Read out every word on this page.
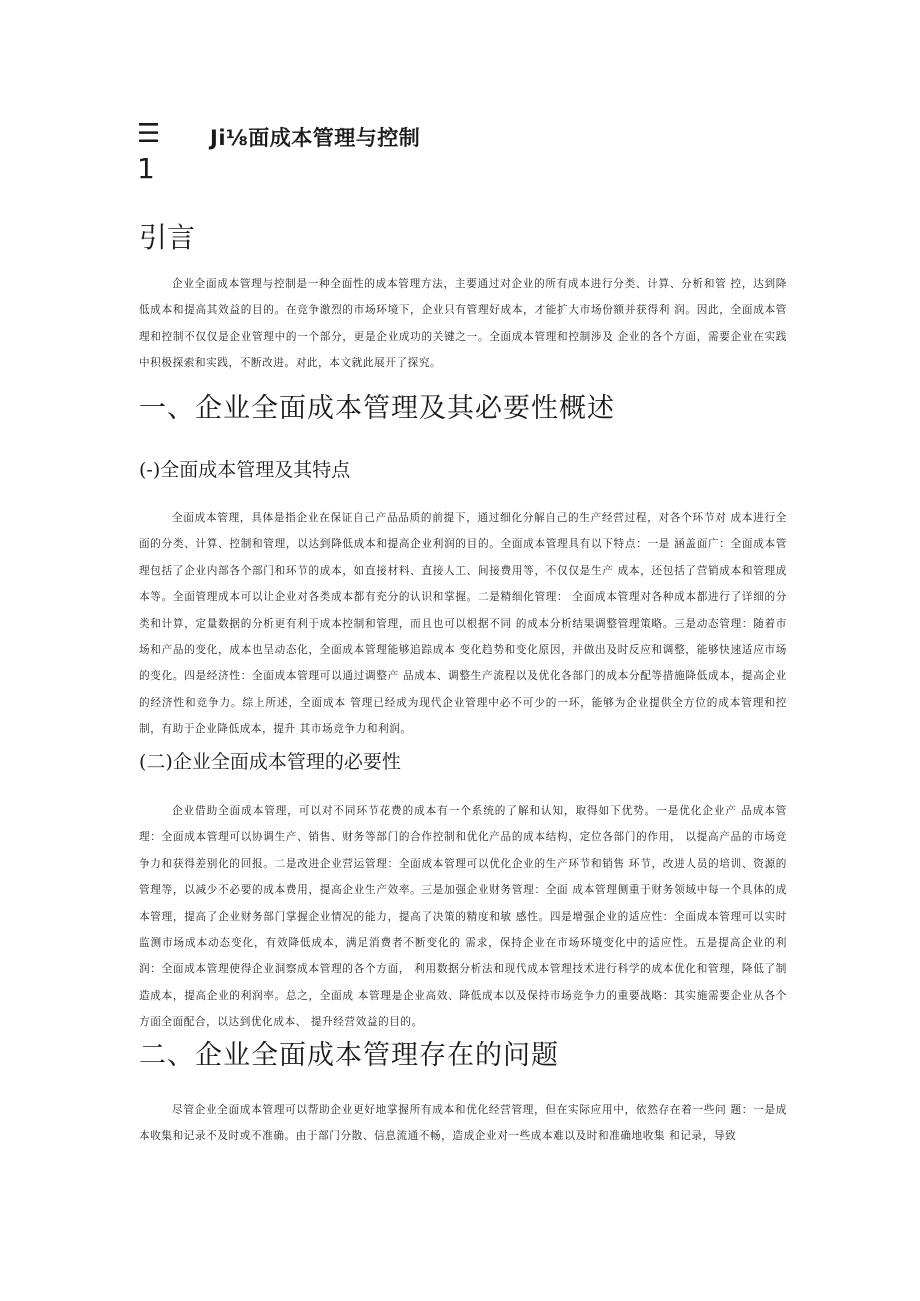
☰
1
Ji⅛面成本管理与控制
引言

企业全面成本管理与控制是一种全面性的成本管理方法，主要通过对企业的所有成本进行分类、计算、分析和管 控，达到降低成本和提高其效益的目的。在竞争激烈的市场环境下，企业只有管理好成本，才能扩大市场份额并获得利 润。因此，全面成本管理和控制不仅仅是企业管理中的一个部分，更是企业成功的关键之一。全面成本管理和控制涉及 企业的各个方面，需要企业在实践中积极探索和实践，不断改进。对此，本文就此展开了探究。

一、企业全面成本管理及其必要性概述
(-)全面成本管理及其特点

全面成本管理，具体是指企业在保证自己产品品质的前提下，通过细化分解自己的生产经营过程，对各个环节对 成本进行全面的分类、计算、控制和管理，以达到降低成本和提高企业利润的目的。全面成本管理具有以下特点：一是 涵盖面广：全面成本管理包括了企业内部各个部门和环节的成本，如直接材料、直接人工、间接费用等，不仅仅是生产 成本，还包括了营销成本和管理成本等。全面管理成本可以让企业对各类成本都有充分的认识和掌握。二是精细化管理： 全面成本管理对各种成本都进行了详细的分类和计算，定量数据的分析更有利于成本控制和管理，而且也可以根据不同 的成本分析结果调整管理策略。三是动态管理：随着市场和产品的变化，成本也呈动态化，全面成本管理能够追踪成本 变化趋势和变化原因，并做出及时反应和调整，能够快速适应市场的变化。四是经济性：全面成本管理可以通过调整产 品成本、调整生产流程以及优化各部门的成本分配等措施降低成本，提高企业的经济性和竞争力。综上所述，全面成本 管理已经成为现代企业管理中必不可少的一环，能够为企业提供全方位的成本管理和控制，有助于企业降低成本，提升 其市场竞争力和利润。

(二)企业全面成本管理的必要性

企业借助全面成本管理，可以对不同环节花费的成本有一个系统的了解和认知，取得如下优势。一是优化企业产 品成本管理：全面成本管理可以协调生产、销售、财务等部门的合作控制和优化产品的成本结构，定位各部门的作用， 以提高产品的市场竞争力和获得差别化的回报。二是改进企业营运管理：全面成本管理可以优化企业的生产环节和销售 环节，改进人员的培训、资源的管理等，以减少不必要的成本费用，提高企业生产效率。三是加强企业财务管理：全面 成本管理侧重于财务领域中每一个具体的成本管理，提高了企业财务部门掌握企业情况的能力，提高了决策的精度和敏 感性。四是增强企业的适应性：全面成本管理可以实时监测市场成本动态变化，有效降低成本，满足消费者不断变化的 需求，保持企业在市场环境变化中的适应性。五是提高企业的利润：全面成本管理使得企业洞察成本管理的各个方面， 利用数据分析法和现代成本管理技术进行科学的成本优化和管理，降低了制造成本，提高企业的利润率。总之，全面成 本管理是企业高效、降低成本以及保持市场竞争力的重要战略：其实施需要企业从各个方面全面配合，以达到优化成本、 提升经营效益的目的。

二、企业全面成本管理存在的问题

尽管企业全面成本管理可以帮助企业更好地掌握所有成本和优化经营管理，但在实际应用中，依然存在着一些问 题：一是成本收集和记录不及时或不准确。由于部门分散、信息流通不畅，造成企业对一些成本难以及时和准确地收集 和记录，导致
